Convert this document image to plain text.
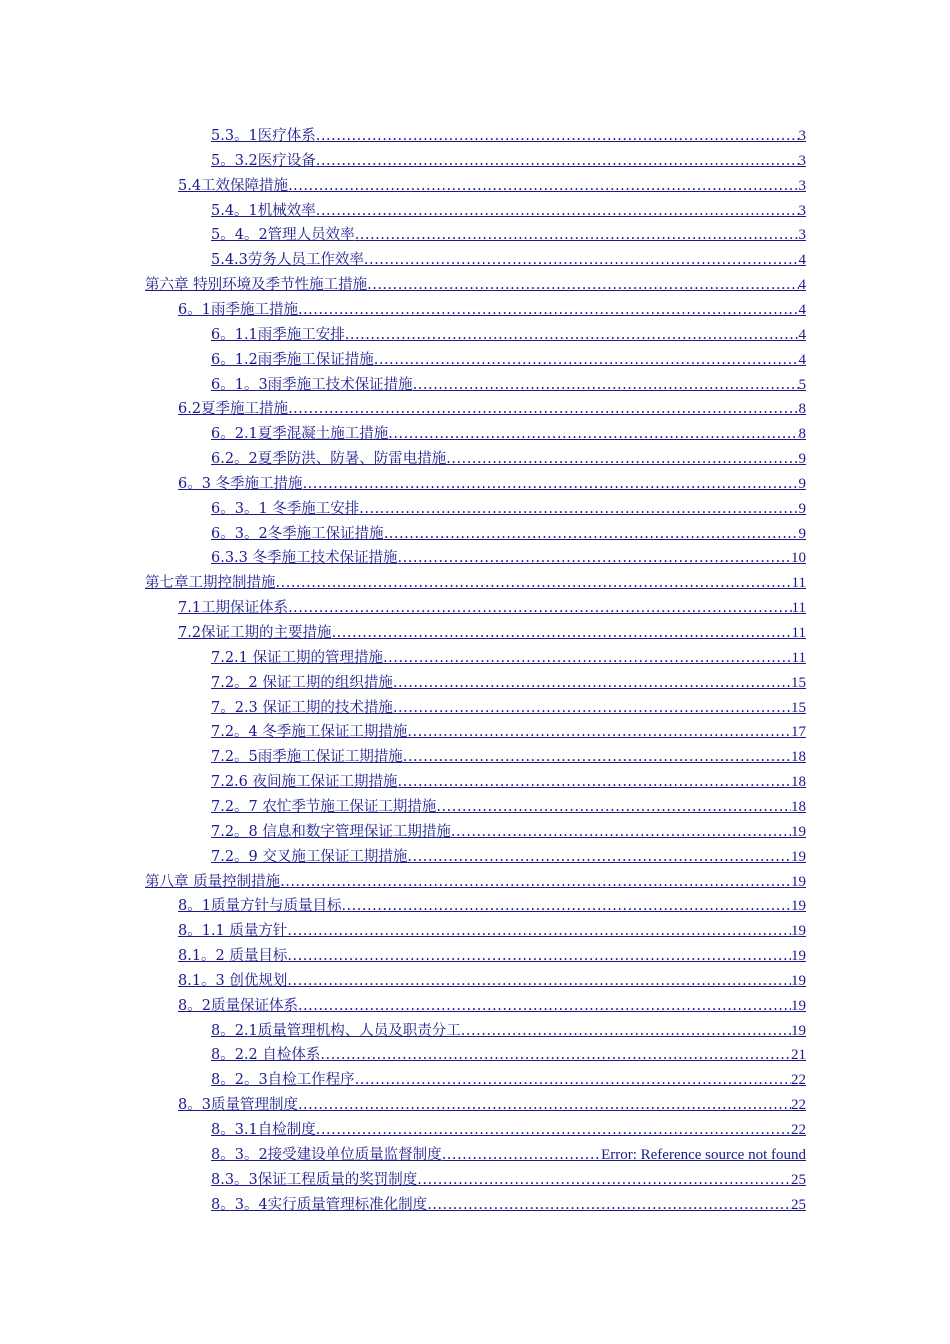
5.3。1医疗体系 .....	3
5。3.2医疗设备 .....	3
5.4工效保障措施 .....	3
5.4。1机械效率 .....	3
5。4。2管理人员效率 .....	3
5.4.3劳务人员工作效率 .....	4
第六章 特别环境及季节性施工措施 .....	4
6。1雨季施工措施 .....	4
6。1.1雨季施工安排 .....	4
6。1.2雨季施工保证措施 .....	4
6。1。3雨季施工技术保证措施 .....	5
6.2夏季施工措施 .....	8
6。2.1夏季混凝土施工措施 .....	8
6.2。2夏季防洪、防暑、防雷电措施 .....	9
6。3 冬季施工措施 .....	9
6。3。1 冬季施工安排 .....	9
6。3。2冬季施工保证措施 .....	9
6.3.3 冬季施工技术保证措施 .....	10
第七章工期控制措施 .....	11
7.1工期保证体系 .....	11
7.2保证工期的主要措施 .....	11
7.2.1 保证工期的管理措施 .....	11
7.2。2 保证工期的组织措施 .....	15
7。2.3 保证工期的技术措施 .....	15
7.2。4 冬季施工保证工期措施 .....	17
7.2。5雨季施工保证工期措施 .....	18
7.2.6 夜间施工保证工期措施 .....	18
7.2。7 农忙季节施工保证工期措施 .....	18
7.2。8 信息和数字管理保证工期措施 .....	19
7.2。9 交叉施工保证工期措施 .....	19
第八章 质量控制措施 .....	19
8。1质量方针与质量目标 .....	19
8。1.1 质量方针 .....	19
8.1。2 质量目标 .....	19
8.1。3 创优规划 .....	19
8。2质量保证体系 .....	19
8。2.1质量管理机构、人员及职责分工 .....	19
8。2.2 自检体系 .....	21
8。2。3自检工作程序 .....	22
8。3质量管理制度 .....	22
8。3.1自检制度 .....	22
8。3。2接受建设单位质量监督制度 .....	Error: Reference source not found
8.3。3保证工程质量的奖罚制度 .....	25
8。3。4实行质量管理标准化制度 .....	25
